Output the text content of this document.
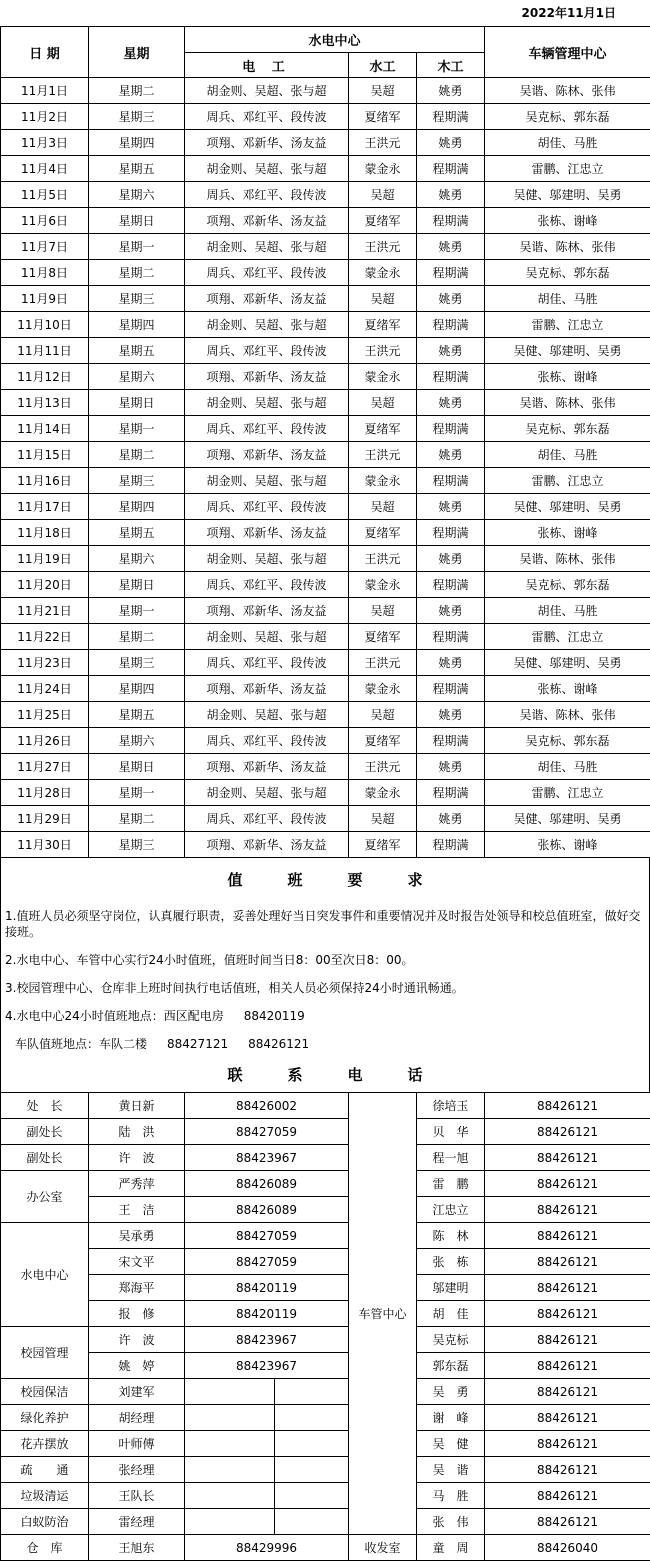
2022年11月1日
日 期	星期	水电中心			车辆管理中心
		电 工	水工	木工	
11月1日	星期二	胡金则、吴超、张与超	吴超	姚勇	吴谐、陈林、张伟
11月2日	星期三	周兵、邓红平、段传波	夏绪军	程期满	吴克标、郭东磊
11月3日	星期四	项翔、邓新华、汤友益	王洪元	姚勇	胡佳、马胜
11月4日	星期五	胡金则、吴超、张与超	蒙金永	程期满	雷鹏、江忠立
11月5日	星期六	周兵、邓红平、段传波	吴超	姚勇	吴健、邬建明、吴勇
11月6日	星期日	项翔、邓新华、汤友益	夏绪军	程期满	张栋、谢峰
11月7日	星期一	胡金则、吴超、张与超	王洪元	姚勇	吴谐、陈林、张伟
11月8日	星期二	周兵、邓红平、段传波	蒙金永	程期满	吴克标、郭东磊
11月9日	星期三	项翔、邓新华、汤友益	吴超	姚勇	胡佳、马胜
11月10日	星期四	胡金则、吴超、张与超	夏绪军	程期满	雷鹏、江忠立
11月11日	星期五	周兵、邓红平、段传波	王洪元	姚勇	吴健、邬建明、吴勇
11月12日	星期六	项翔、邓新华、汤友益	蒙金永	程期满	张栋、谢峰
11月13日	星期日	胡金则、吴超、张与超	吴超	姚勇	吴谐、陈林、张伟
11月14日	星期一	周兵、邓红平、段传波	夏绪军	程期满	吴克标、郭东磊
11月15日	星期二	项翔、邓新华、汤友益	王洪元	姚勇	胡佳、马胜
11月16日	星期三	胡金则、吴超、张与超	蒙金永	程期满	雷鹏、江忠立
11月17日	星期四	周兵、邓红平、段传波	吴超	姚勇	吴健、邬建明、吴勇
11月18日	星期五	项翔、邓新华、汤友益	夏绪军	程期满	张栋、谢峰
11月19日	星期六	胡金则、吴超、张与超	王洪元	姚勇	吴谐、陈林、张伟
11月20日	星期日	周兵、邓红平、段传波	蒙金永	程期满	吴克标、郭东磊
11月21日	星期一	项翔、邓新华、汤友益	吴超	姚勇	胡佳、马胜
11月22日	星期二	胡金则、吴超、张与超	夏绪军	程期满	雷鹏、江忠立
11月23日	星期三	周兵、邓红平、段传波	王洪元	姚勇	吴健、邬建明、吴勇
11月24日	星期四	项翔、邓新华、汤友益	蒙金永	程期满	张栋、谢峰
11月25日	星期五	胡金则、吴超、张与超	吴超	姚勇	吴谐、陈林、张伟
11月26日	星期六	周兵、邓红平、段传波	夏绪军	程期满	吴克标、郭东磊
11月27日	星期日	项翔、邓新华、汤友益	王洪元	姚勇	胡佳、马胜
11月28日	星期一	胡金则、吴超、张与超	蒙金永	程期满	雷鹏、江忠立
11月29日	星期二	周兵、邓红平、段传波	吴超	姚勇	吴健、邬建明、吴勇
11月30日	星期三	项翔、邓新华、汤友益	夏绪军	程期满	张栋、谢峰
值	班	要	求
1.值班人员必须坚守岗位，认真履行职责，妥善处理好当日突发事件和重要情况并及时报告处领导和校总值班室，做好交接班。
2.水电中心、车管中心实行24小时值班，值班时间当日8：00至次日8：00。
3.校园管理中心、仓库非上班时间执行电话值班，相关人员必须保持24小时通讯畅通。
4.水电中心24小时值班地点：西区配电房 88420119
车队值班地点：车队二楼 88427121 88426121
联	系	电	话
处　长	黄日新	88426002		车管中心	徐培玉	88426121
副处长	陆　洪	88427059			贝　华	88426121
副处长	许　波	88423967			程一旭	88426121
办公室	严秀萍	88426089			雷　鹏	88426121
	王　洁	88426089			江忠立	88426121
水电中心	吴承勇	88427059			陈　林	88426121
	宋文平	88427059			张　栋	88426121
	郑海平	88420119			邬建明	88426121
	报　修	88420119			胡　佳	88426121
校园管理	许　波	88423967			吴克标	88426121
	姚　婷	88423967			郭东磊	88426121
校园保洁	刘建军				吴　勇	88426121
绿化养护	胡经理				谢　峰	88426121
花卉摆放	叶师傅				吴　健	88426121
疏　　通	张经理				吴　谐	88426121
垃圾清运	王队长				马　胜	88426121
白蚁防治	雷经理				张　伟	88426121
仓　库	王旭东	88429996		收发室	童　周	88426040
